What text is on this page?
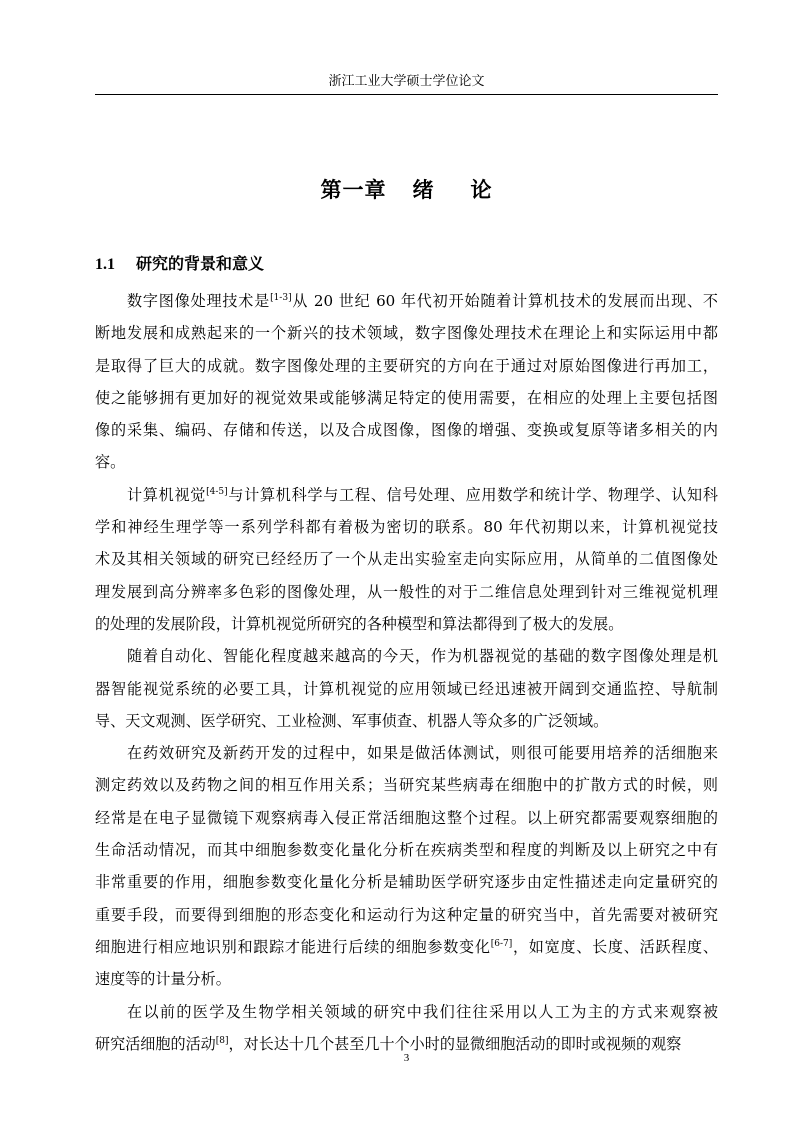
浙江工业大学硕士学位论文
第一章 绪 论
1.1 研究的背景和意义

数字图像处理技术是[1-3]从 20 世纪 60 年代初开始随着计算机技术的发展而出现、不
断地发展和成熟起来的一个新兴的技术领域，数字图像处理技术在理论上和实际运用中都
是取得了巨大的成就。数字图像处理的主要研究的方向在于通过对原始图像进行再加工，
使之能够拥有更加好的视觉效果或能够满足特定的使用需要，在相应的处理上主要包括图
像的采集、编码、存储和传送，以及合成图像，图像的增强、变换或复原等诸多相关的内
容。

计算机视觉[4-5]与计算机科学与工程、信号处理、应用数学和统计学、物理学、认知科
学和神经生理学等一系列学科都有着极为密切的联系。80 年代初期以来，计算机视觉技
术及其相关领域的研究已经经历了一个从走出实验室走向实际应用，从简单的二值图像处
理发展到高分辨率多色彩的图像处理，从一般性的对于二维信息处理到针对三维视觉机理
的处理的发展阶段，计算机视觉所研究的各种模型和算法都得到了极大的发展。

随着自动化、智能化程度越来越高的今天，作为机器视觉的基础的数字图像处理是机
器智能视觉系统的必要工具，计算机视觉的应用领域已经迅速被开阔到交通监控、导航制
导、天文观测、医学研究、工业检测、军事侦查、机器人等众多的广泛领域。

在药效研究及新药开发的过程中，如果是做活体测试，则很可能要用培养的活细胞来
测定药效以及药物之间的相互作用关系；当研究某些病毒在细胞中的扩散方式的时候，则
经常是在电子显微镜下观察病毒入侵正常活细胞这整个过程。以上研究都需要观察细胞的
生命活动情况，而其中细胞参数变化量化分析在疾病类型和程度的判断及以上研究之中有
非常重要的作用，细胞参数变化量化分析是辅助医学研究逐步由定性描述走向定量研究的
重要手段，而要得到细胞的形态变化和运动行为这种定量的研究当中，首先需要对被研究
细胞进行相应地识别和跟踪才能进行后续的细胞参数变化[6-7]，如宽度、长度、活跃程度、
速度等的计量分析。

在以前的医学及生物学相关领域的研究中我们往往采用以人工为主的方式来观察被
研究活细胞的活动[8]，对长达十几个甚至几十个小时的显微细胞活动的即时或视频的观察

3
